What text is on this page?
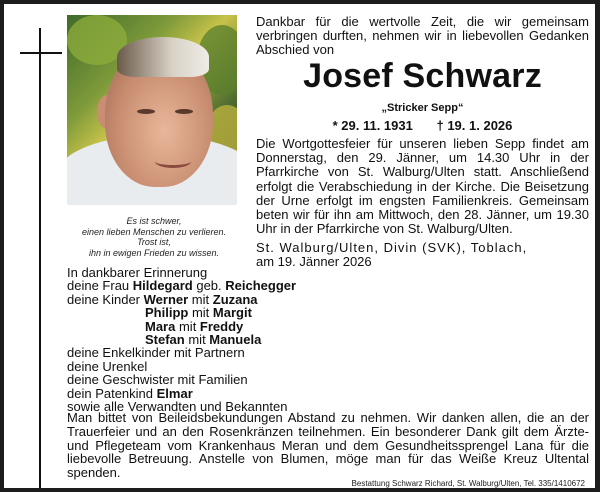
Es ist schwer,
einen lieben Menschen zu verlieren.
Trost ist,
ihn in ewigen Frieden zu wissen.
Dankbar für die wertvolle Zeit, die wir gemeinsam verbringen durften, nehmen wir in liebevollen Gedanken Abschied von
Josef Schwarz
„Stricker Sepp“
* 29. 11. 1931 † 19. 1. 2026
Die Wortgottesfeier für unseren lieben Sepp findet am Donnerstag, den 29. Jänner, um 14.30 Uhr in der Pfarrkirche von St. Walburg/Ulten statt. Anschließend erfolgt die Verabschiedung in der Kirche. Die Beisetzung der Urne erfolgt im engsten Familienkreis. Gemeinsam beten wir für ihn am Mittwoch, den 28. Jänner, um 19.30 Uhr in der Pfarrkirche von St. Walburg/Ulten.
St. Walburg/Ulten, Divin (SVK), Toblach,
am 19. Jänner 2026
In dankbarer Erinnerung
deine Frau Hildegard geb. Reichegger
deine Kinder Werner mit Zuzana
Philipp mit Margit
Mara mit Freddy
Stefan mit Manuela
deine Enkelkinder mit Partnern
deine Urenkel
deine Geschwister mit Familien
dein Patenkind Elmar
sowie alle Verwandten und Bekannten
Man bittet von Beileidsbekundungen Abstand zu nehmen. Wir danken allen, die an der Trauerfeier und an den Rosenkränzen teilnehmen. Ein besonderer Dank gilt dem Ärzte- und Pflegeteam vom Krankenhaus Meran und dem Gesundheitssprengel Lana für die liebevolle Betreuung. Anstelle von Blumen, möge man für das Weiße Kreuz Ultental spenden.
Bestattung Schwarz Richard, St. Walburg/Ulten, Tel. 335/1410672
